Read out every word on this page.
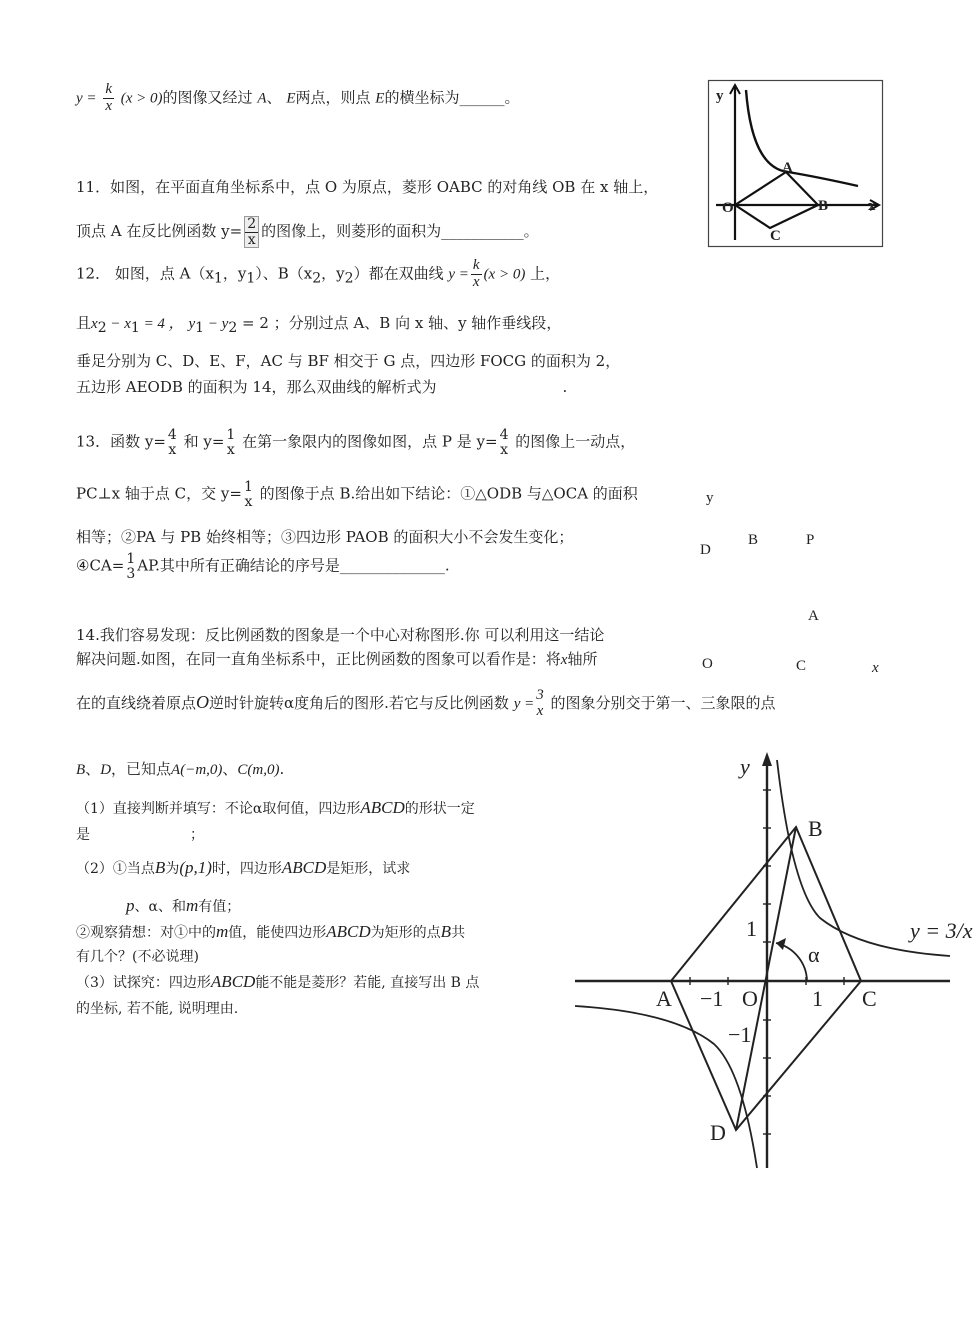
$y = \frac{k}{x} (x > 0)$的图像又经过 A、 E两点，则点 E的横坐标为______。	y
A
O	B
C
x
11．如图，在平面直角坐标系中，点 O 为原点，菱形 OABC 的对角线 OB 在 x 轴上，
顶点 A 在反比例函数 $y= \frac{2}{x}$ 的图像上，则菱形的面积为___________。
12． 如图，点 $A(x_1$，$y_1$）、$B(x_2$，$y_2$）都在双曲线 $y = \frac{k}{x} (x > 0)$ 上，
且$x_2 - x_1 = 4$ ， $y_1 - y_2 = 2$ ；分别过点 A、B 向 x 轴、y 轴作垂线段，
垂足分别为 C、D、E、F，AC 与 BF 相交于 G 点，四边形 FOCG 的面积为 2，
五边形 AEODB 的面积为 14，那么双曲线的解析式为	.
13．函数 y= 4
x 和 y= 1
x 在第一象限内的图像如图，点 P 是 y= 4
x 的图像上一动点，
PC⊥x 轴于点 C，交 y= 1
x 的图像于点 B.给出如下结论：①△ODB 与△OCA 的面积
相等；②PA 与 PB 始终相等；③四边形 PAOB 的面积大小不会发生变化；
④CA= 1
3 AP.其中所有正确结论的序号是______________.
y
D
B	P
A
O	C	x
14.我们容易发现：反比例函数的图象是一个中心对称图形.你 可以利用这一结论
解决问题.如图，在同一直角坐标系中，正比例函数的图象可以看作是：将x轴所
在的直线绕着原点O逆时针旋转α度角后的图形.若它与反比例函数 y =
3
x 的图象分别交于第一、三象限的点
B、D，已知点A(−m,0)、C(m,0).
（1）直接判断并填写：不论α取何值，四边形ABCD的形状一定
是	；
（2）①当点B为(p,1)时，四边形ABCD是矩形，试求
p、α、和m有值；
②观察猜想：对①中的m值，能使四边形ABCD为矩形的点B共
有几个？(不必说理)
（3）试探究：四边形ABCD能不能是菱形？若能, 直接写出 B 点
的坐标, 若不能, 说明理由.
y
B
1
α
y = 3/x
A −1 O 1 C
−1
D
